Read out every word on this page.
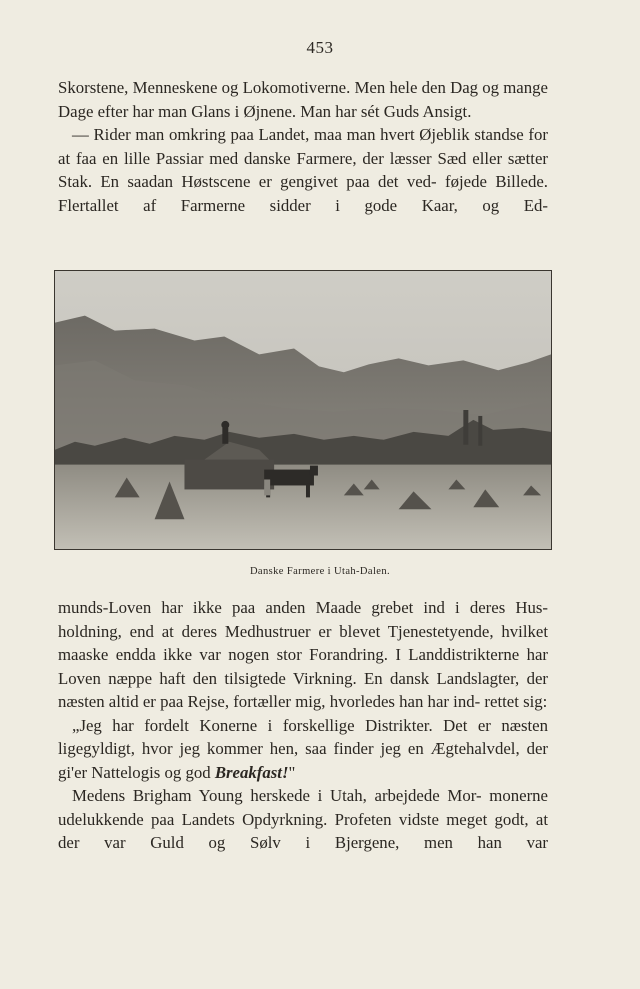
453

Skorstene, Menneskene og Lokomotiverne. Men hele den Dag og mange Dage efter har man Glans i Øjnene. Man har sét Guds Ansigt.

— Rider man omkring paa Landet, maa man hvert Øjeblik standse for at faa en lille Passiar med danske Farmere, der læsser Sæd eller sætter Stak. En saadan Høstscene er gengivet paa det ved- føjede Billede. Flertallet af Farmerne sidder i gode Kaar, og Ed-

Danske Farmere i Utah-Dalen.

munds-Loven har ikke paa anden Maade grebet ind i deres Hus- holdning, end at deres Medhustruer er blevet Tjenestetyende, hvilket maaske endda ikke var nogen stor Forandring. I Landdistrikterne har Loven næppe haft den tilsigtede Virkning. En dansk Landslagter, der næsten altid er paa Rejse, fortæller mig, hvorledes han har ind- rettet sig:

„Jeg har fordelt Konerne i forskellige Distrikter. Det er næsten ligegyldigt, hvor jeg kommer hen, saa finder jeg en Ægtehalvdel, der gi'er Nattelogis og god Breakfast!"

Medens Brigham Young herskede i Utah, arbejdede Mor- monerne udelukkende paa Landets Opdyrkning. Profeten vidste meget godt, at der var Guld og Sølv i Bjergene, men han var
